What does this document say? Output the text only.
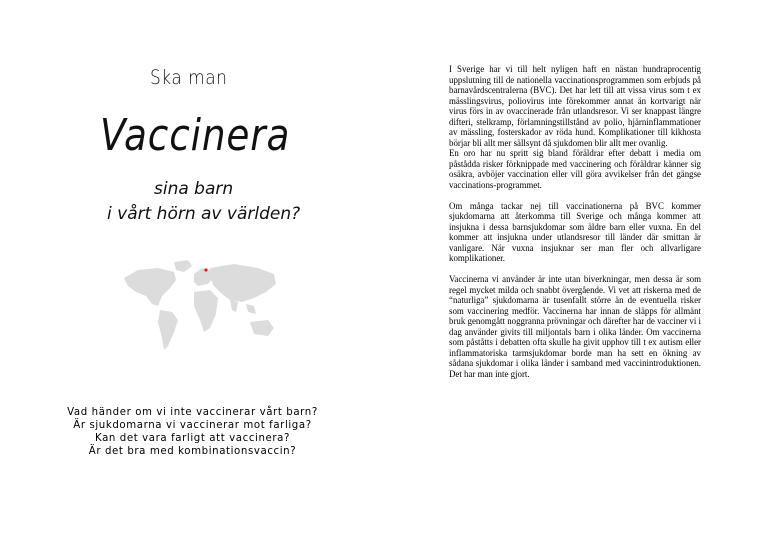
Ska man
Vaccinera
sina barn
i vårt hörn av världen?
Vad händer om vi inte vaccinerar vårt barn?
Är sjukdomarna vi vaccinerar mot farliga?
Kan det vara farligt att vaccinera?
Är det bra med kombinationsvaccin?

I Sverige har vi till helt nyligen haft en nästan hundraprocentig uppslutning till de nationella vaccinationsprogrammen som erbjuds på barnavårdscentralerna (BVC). Det har lett till att vissa virus som t ex mässlingsvirus, poliovirus inte förekommer annat än kortvarigt när virus förs in av ovaccinerade från utlandsresor. Vi ser knappast längre difteri, stelkramp, förlamningstillstånd av polio, hjärninflammationer av mässling, fosterskador av röda hund. Komplikationer till kikhosta börjar bli allt mer sällsynt då sjukdomen blir allt mer ovanlig.

En oro har nu spritt sig bland föräldrar efter debatt i media om påstådda risker förknippade med vaccinering och föräldrar känner sig osäkra, avböjer vaccination eller vill göra avvikelser från det gängse vaccinations-programmet.

Om många tackar nej till vaccinationerna på BVC kommer sjukdomarna att återkomma till Sverige och många kommer att insjukna i dessa barnsjukdomar som äldre barn eller vuxna. En del kommer att insjukna under utlandsresor till länder där smittan är vanligare. När vuxna insjuknar ser man fler och allvarligare komplikationer.

Vaccinerna vi använder är inte utan biverkningar, men dessa är som regel mycket milda och snabbt övergående. Vi vet att riskerna med de “naturliga” sjukdomarna är tusenfallt större än de eventuella risker som vaccinering medför. Vaccinerna har innan de släpps för allmänt bruk genomgått noggranna prövningar och därefter har de vacciner vi i dag använder givits till miljontals barn i olika länder. Om vaccinerna som påståtts i debatten ofta skulle ha givit upphov till t ex autism eller inflammatoriska tarmsjukdomar borde man ha sett en ökning av sådana sjukdomar i olika länder i samband med vaccinintroduktionen. Det har man inte gjort.
